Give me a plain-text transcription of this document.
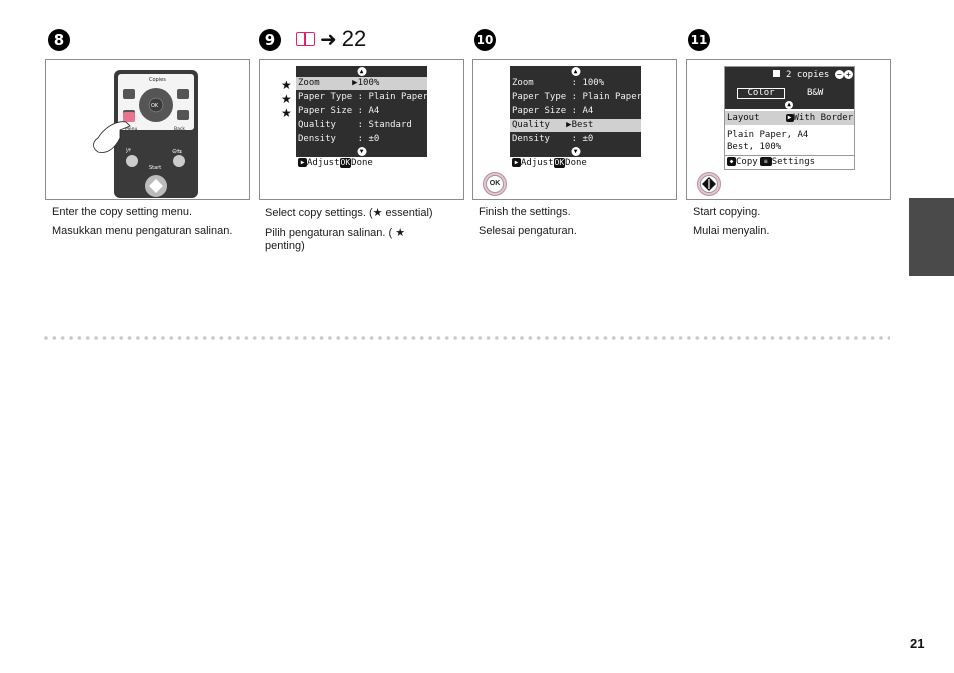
8	9 ➜ 22	10	11
Copies
OK
Menu	Back
ᴵ⁄ᵞ	⊝⇆
Start
★
★
★
▲
Zoom      ▶100%
Paper Type : Plain Paper
Paper Size : A4
Quality    : Standard
Density    : ±0
▼
▶ AdjustOKDone
▲
Zoom       : 100%
Paper Type : Plain Paper
Paper Size : A4
Quality   ▶Best
Density    : ±0
▼
▶ AdjustOKDone
OK
2 copies − +
Color	B&W
▲
Layout	▶ With Border
Plain Paper, A4
Best, 100%
◆ Copy ≡ Settings
Enter the copy setting menu.
Masukkan menu pengaturan salinan.
Select copy settings. (★ essential)
Pilih pengaturan salinan. ( ★ penting)
Finish the settings.
Selesai pengaturan.
Start copying.
Mulai menyalin.
21
